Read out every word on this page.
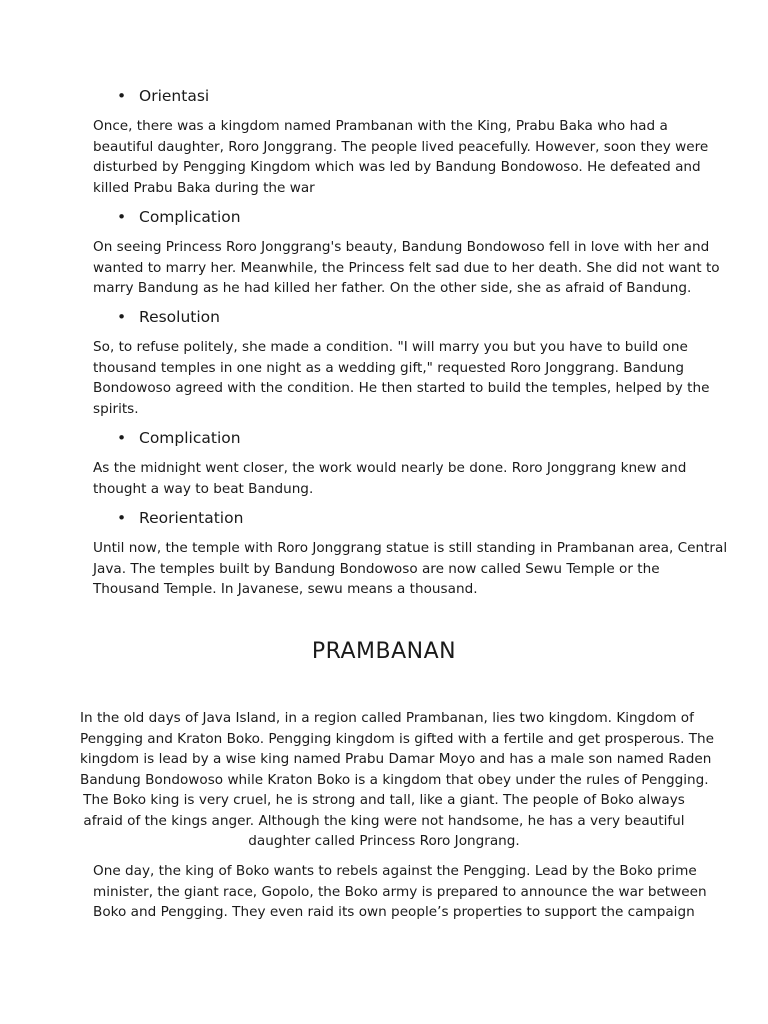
• Orientasi

Once, there was a kingdom named Prambanan with the King, Prabu Baka who had a
beautiful daughter, Roro Jonggrang. The people lived peacefully. However, soon they were
disturbed by Pengging Kingdom which was led by Bandung Bondowoso. He defeated and
killed Prabu Baka during the war

• Complication

On seeing Princess Roro Jonggrang's beauty, Bandung Bondowoso fell in love with her and
wanted to marry her. Meanwhile, the Princess felt sad due to her death. She did not want to
marry Bandung as he had killed her father. On the other side, she as afraid of Bandung.

• Resolution

So, to refuse politely, she made a condition. "I will marry you but you have to build one
thousand temples in one night as a wedding gift," requested Roro Jonggrang. Bandung
Bondowoso agreed with the condition. He then started to build the temples, helped by the
spirits.

• Complication

As the midnight went closer, the work would nearly be done. Roro Jonggrang knew and
thought a way to beat Bandung.

• Reorientation

Until now, the temple with Roro Jonggrang statue is still standing in Prambanan area, Central
Java. The temples built by Bandung Bondowoso are now called Sewu Temple or the
Thousand Temple. In Javanese, sewu means a thousand.

PRAMBANAN

In the old days of Java Island, in a region called Prambanan, lies two kingdom. Kingdom of
Pengging and Kraton Boko. Pengging kingdom is gifted with a fertile and get prosperous. The
kingdom is lead by a wise king named Prabu Damar Moyo and has a male son named Raden
Bandung Bondowoso while Kraton Boko is a kingdom that obey under the rules of Pengging.
The Boko king is very cruel, he is strong and tall, like a giant. The people of Boko always
afraid of the kings anger. Although the king were not handsome, he has a very beautiful
daughter called Princess Roro Jongrang.

One day, the king of Boko wants to rebels against the Pengging. Lead by the Boko prime
minister, the giant race, Gopolo, the Boko army is prepared to announce the war between
Boko and Pengging. They even raid its own people’s properties to support the campaign
